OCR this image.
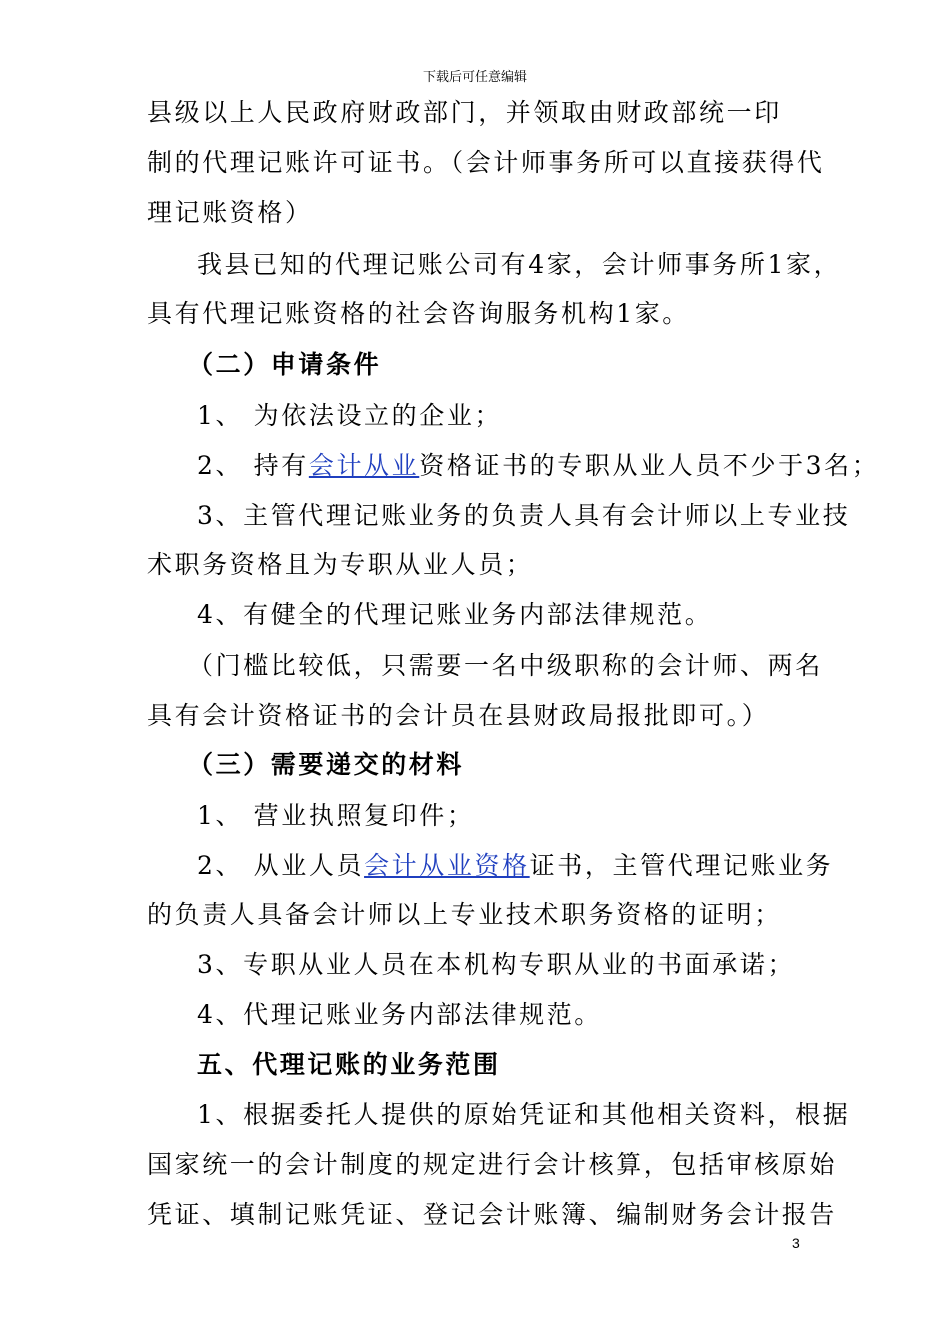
下载后可任意编辑
县级以上人民政府财政部门，并领取由财政部统一印
制的代理记账许可证书。（会计师事务所可以直接获得代
理记账资格）
我县已知的代理记账公司有4家，会计师事务所1家，
具有代理记账资格的社会咨询服务机构1家。
（二）申请条件
1、 为依法设立的企业；
2、 持有会计从业资格证书的专职从业人员不少于3名；
3、主管代理记账业务的负责人具有会计师以上专业技
术职务资格且为专职从业人员；
4、有健全的代理记账业务内部法律规范。
（门槛比较低，只需要一名中级职称的会计师、两名
具有会计资格证书的会计员在县财政局报批即可。）
（三）需要递交的材料
1、 营业执照复印件；
2、 从业人员会计从业资格证书，主管代理记账业务
的负责人具备会计师以上专业技术职务资格的证明；
3、专职从业人员在本机构专职从业的书面承诺；
4、代理记账业务内部法律规范。
五、代理记账的业务范围
1、根据委托人提供的原始凭证和其他相关资料，根据
国家统一的会计制度的规定进行会计核算，包括审核原始
凭证、填制记账凭证、登记会计账簿、编制财务会计报告
3
